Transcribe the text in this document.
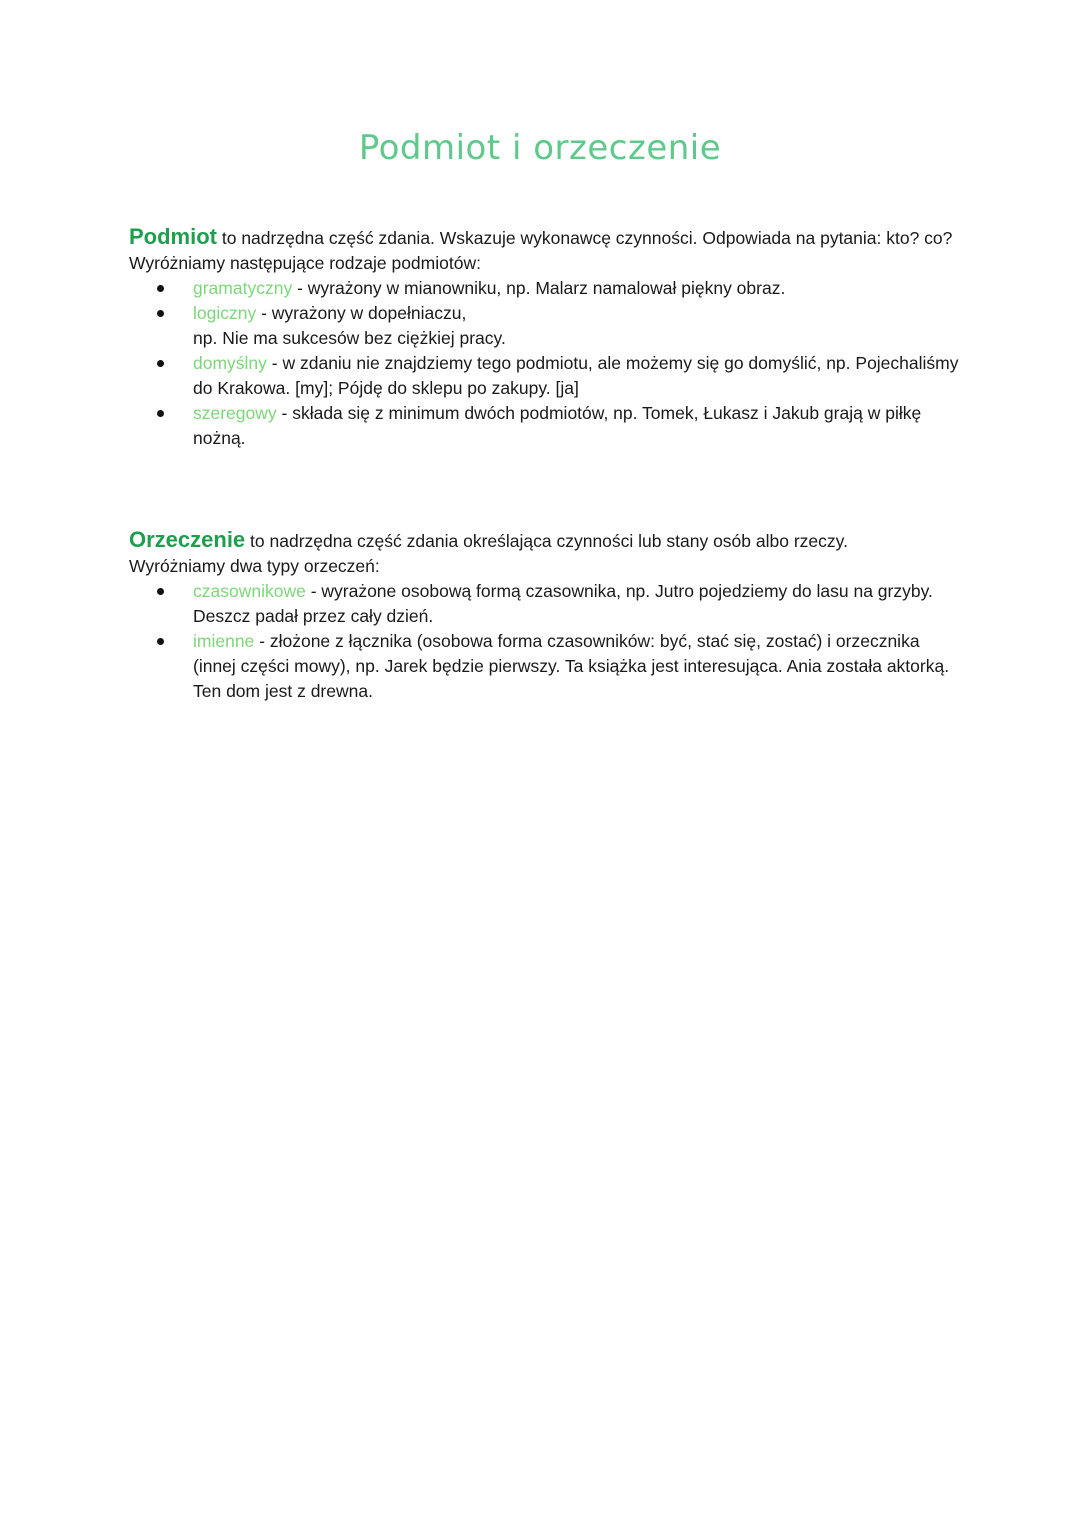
Podmiot i orzeczenie

Podmiot to nadrzędna część zdania. Wskazuje wykonawcę czynności. Odpowiada na pytania: kto? co?

Wyróżniamy następujące rodzaje podmiotów:

gramatyczny - wyrażony w mianowniku, np. Malarz namalował piękny obraz.
logiczny - wyrażony w dopełniaczu,
np. Nie ma sukcesów bez ciężkiej pracy.
domyślny - w zdaniu nie znajdziemy tego podmiotu, ale możemy się go domyślić, np. Pojechaliśmy do Krakowa. [my]; Pójdę do sklepu po zakupy. [ja]
szeregowy - składa się z minimum dwóch podmiotów, np. Tomek, Łukasz i Jakub grają w piłkę nożną.

Orzeczenie to nadrzędna część zdania określająca czynności lub stany osób albo rzeczy.

Wyróżniamy dwa typy orzeczeń:

czasownikowe - wyrażone osobową formą czasownika, np. Jutro pojedziemy do lasu na grzyby. Deszcz padał przez cały dzień.
imienne - złożone z łącznika (osobowa forma czasowników: być, stać się, zostać) i orzecznika (innej części mowy), np. Jarek będzie pierwszy. Ta książka jest interesująca. Ania została aktorką. Ten dom jest z drewna.
